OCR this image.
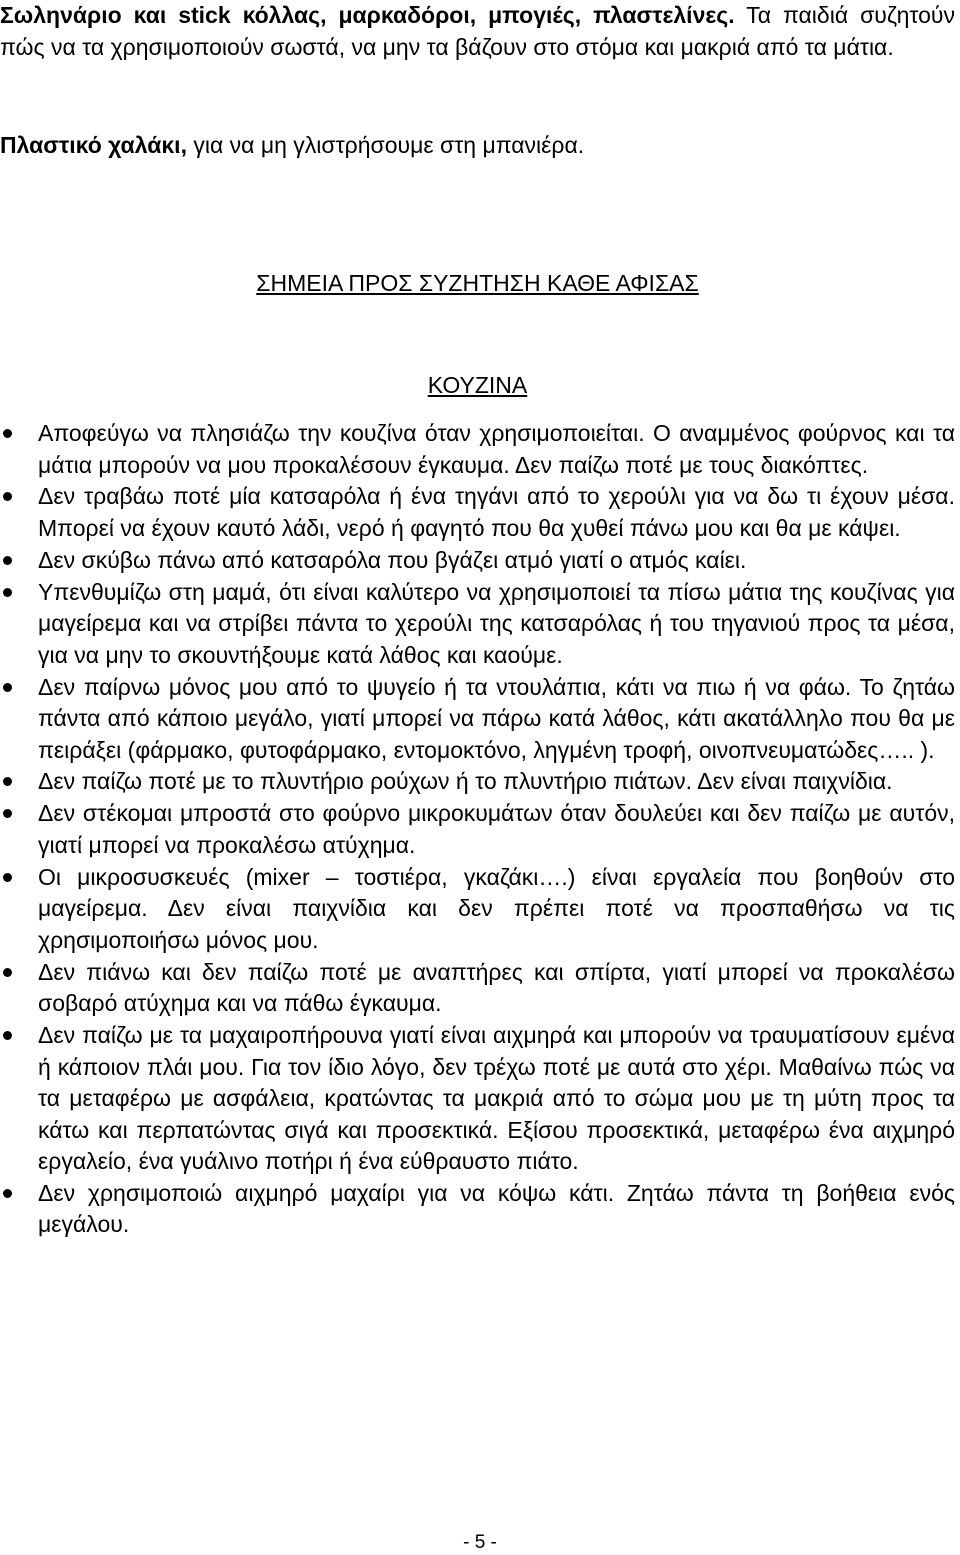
Σωληνάριο και stick κόλλας, μαρκαδόροι, μπογιές, πλαστελίνες. Τα παιδιά συζητούν πώς να τα χρησιμοποιούν σωστά, να μην τα βάζουν στο στόμα και μακριά από τα μάτια.

Πλαστικό χαλάκι, για να μη γλιστρήσουμε στη μπανιέρα.

ΣΗΜΕΙΑ ΠΡΟΣ ΣΥΖΗΤΗΣΗ ΚΑΘΕ ΑΦΙΣΑΣ

ΚΟΥΖΙΝΑ

Αποφεύγω να πλησιάζω την κουζίνα όταν χρησιμοποιείται. Ο αναμμένος φούρνος και τα μάτια μπορούν να μου προκαλέσουν έγκαυμα. Δεν παίζω ποτέ με τους διακόπτες.
Δεν τραβάω ποτέ μία κατσαρόλα ή ένα τηγάνι από το χερούλι για να δω τι έχουν μέσα. Μπορεί να έχουν καυτό λάδι, νερό ή φαγητό που θα χυθεί πάνω μου και θα με κάψει.
Δεν σκύβω πάνω από κατσαρόλα που βγάζει ατμό γιατί ο ατμός καίει.
Υπενθυμίζω στη μαμά, ότι είναι καλύτερο να χρησιμοποιεί τα πίσω μάτια της κουζίνας για μαγείρεμα και να στρίβει πάντα το χερούλι της κατσαρόλας ή του τηγανιού προς τα μέσα, για να μην το σκουντήξουμε κατά λάθος και καούμε.
Δεν παίρνω μόνος μου από το ψυγείο ή τα ντουλάπια, κάτι να πιω ή να φάω. Το ζητάω πάντα από κάποιο μεγάλο, γιατί μπορεί να πάρω κατά λάθος, κάτι ακατάλληλο που θα με πειράξει (φάρμακο, φυτοφάρμακο, εντομοκτόνο, ληγμένη τροφή, οινοπνευματώδες….. ).
Δεν παίζω ποτέ με το πλυντήριο ρούχων ή το πλυντήριο πιάτων. Δεν είναι παιχνίδια.
Δεν στέκομαι μπροστά στο φούρνο μικροκυμάτων όταν δουλεύει και δεν παίζω με αυτόν, γιατί μπορεί να προκαλέσω ατύχημα.
Οι μικροσυσκευές (mixer – τοστιέρα, γκαζάκι….) είναι εργαλεία που βοηθούν στο μαγείρεμα. Δεν είναι παιχνίδια και δεν πρέπει ποτέ να προσπαθήσω να τις χρησιμοποιήσω μόνος μου.
Δεν πιάνω και δεν παίζω ποτέ με αναπτήρες και σπίρτα, γιατί μπορεί να προκαλέσω σοβαρό ατύχημα και να πάθω έγκαυμα.
Δεν παίζω με τα μαχαιροπήρουνα γιατί είναι αιχμηρά και μπορούν να τραυματίσουν εμένα ή κάποιον πλάι μου. Για τον ίδιο λόγο, δεν τρέχω ποτέ με αυτά στο χέρι. Μαθαίνω πώς να τα μεταφέρω με ασφάλεια, κρατώντας τα μακριά από το σώμα μου με τη μύτη προς τα κάτω και περπατώντας σιγά και προσεκτικά. Εξίσου προσεκτικά, μεταφέρω ένα αιχμηρό εργαλείο, ένα γυάλινο ποτήρι ή ένα εύθραυστο πιάτο.
Δεν χρησιμοποιώ αιχμηρό μαχαίρι για να κόψω κάτι. Ζητάω πάντα τη βοήθεια ενός μεγάλου.
- 5 -
